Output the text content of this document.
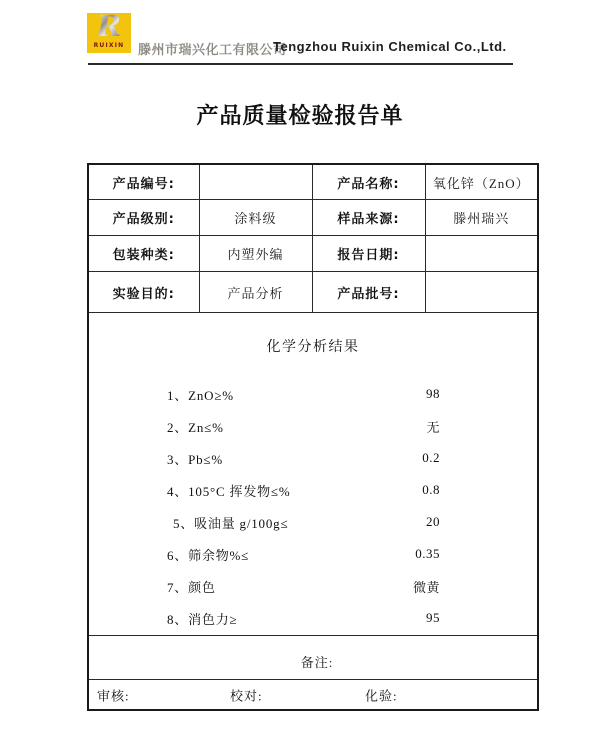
R
RUIXIN 滕州市瑞兴化工有限公司
Tengzhou Ruixin Chemical Co.,Ltd.
产品质量检验报告单
产品编号:		产品名称:	氧化锌（ZnO）
产品级别:	涂料级	样品来源:	滕州瑞兴
包装种类:	内塑外编	报告日期:	
实验目的:	产品分析	产品批号:	

化学分析结果
1、ZnO≥%	98
2、Zn≤%	无
3、Pb≤%	0.2
4、105°C 挥发物≤%	0.8
5、吸油量 g/100g≤	20
6、筛余物%≤	0.35
7、颜色	微黄
8、消色力≥	95

备注:			

审核: 校对: 化验:			
